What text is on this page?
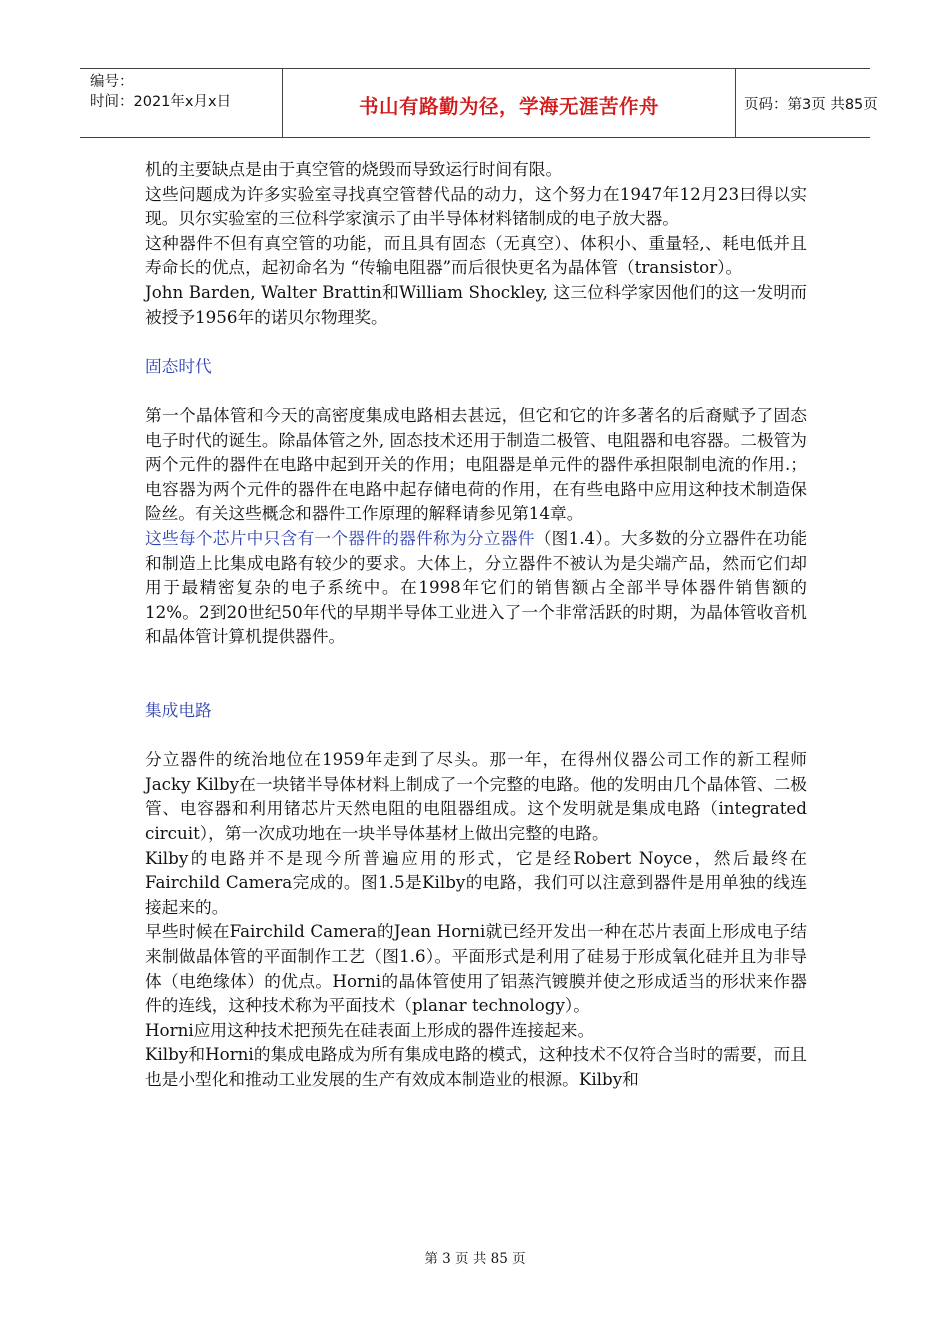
编号：
时间：2021年x月x日	书山有路勤为径，学海无涯苦作舟	页码：第3页 共85页

机的主要缺点是由于真空管的烧毁而导致运行时间有限。

这些问题成为许多实验室寻找真空管替代品的动力，这个努力在1947年12月23曰得以实现。贝尔实验室的三位科学家演示了由半导体材料锗制成的电子放大器。

这种器件不但有真空管的功能，而且具有固态（无真空）、体积小、重量轻,、耗电低并且寿命长的优点，起初命名为 “传输电阻器”而后很快更名为晶体管（transistor）。

John Barden, Walter Brattin和William Shockley, 这三位科学家因他们的这一发明而被授予1956年的诺贝尔物理奖。

固态时代

第一个晶体管和今天的高密度集成电路相去甚远，但它和它的许多著名的后裔赋予了固态电子时代的诞生。除晶体管之外, 固态技术还用于制造二极管、电阻器和电容器。二极管为两个元件的器件在电路中起到开关的作用；电阻器是单元件的器件承担限制电流的作用.；电容器为两个元件的器件在电路中起存储电荷的作用，在有些电路中应用这种技术制造保险丝。有关这些概念和器件工作原理的解释请参见第14章。

这些每个芯片中只含有一个器件的器件称为分立器件（图1.4）。大多数的分立器件在功能和制造上比集成电路有较少的要求。大体上，分立器件不被认为是尖端产品，然而它们却用于最精密复杂的电子系统中。在1998年它们的销售额占全部半导体器件销售额的12%。2到20世纪50年代的早期半导体工业进入了一个非常活跃的时期，为晶体管收音机和晶体管计算机提供器件。

集成电路

分立器件的统治地位在1959年走到了尽头。那一年，在得州仪器公司工作的新工程师 Jacky Kilby在一块锗半导体材料上制成了一个完整的电路。他的发明由几个晶体管、二极管、电容器和利用锗芯片天然电阻的电阻器组成。这个发明就是集成电路（integrated circuit），第一次成功地在一块半导体基材上做出完整的电路。

Kilby的电路并不是现今所普遍应用的形式，它是经Robert Noyce，然后最终在Fairchild Camera完成的。图1.5是Kilby的电路，我们可以注意到器件是用单独的线连接起来的。

早些时候在Fairchild Camera的Jean Horni就已经开发出一种在芯片表面上形成电子结来制做晶体管的平面制作工艺（图1.6）。平面形式是利用了硅易于形成氧化硅并且为非导体（电绝缘体）的优点。Horni的晶体管使用了铝蒸汽镀膜并使之形成适当的形状来作器件的连线，这种技术称为平面技术（planar technology）。

Horni应用这种技术把预先在硅表面上形成的器件连接起来。

Kilby和Horni的集成电路成为所有集成电路的模式，这种技术不仅符合当时的需要，而且也是小型化和推动工业发展的生产有效成本制造业的根源。Kilby和

第 3 页 共 85 页
